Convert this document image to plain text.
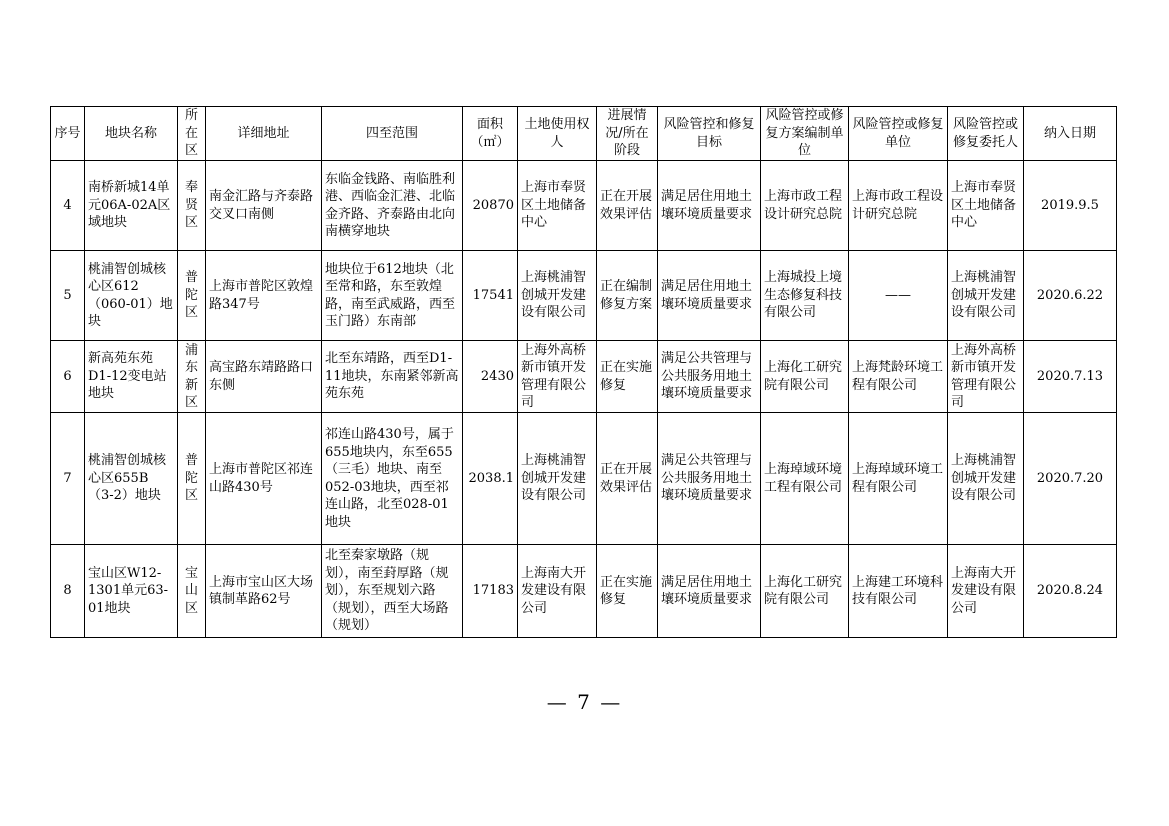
序号	地块名称	所在区	详细地址	四至范围	面积（㎡）	土地使用权人	进展情况/所在阶段	风险管控和修复目标	风险管控或修复方案编制单位	风险管控或修复单位	风险管控或修复委托人	纳入日期
4	南桥新城14单元06A-02A区域地块	奉贤区	南金汇路与齐泰路交叉口南侧	东临金钱路、南临胜利港、西临金汇港、北临金齐路、齐泰路由北向南横穿地块	20870	上海市奉贤区土地储备中心	正在开展效果评估	满足居住用地土壤环境质量要求	上海市政工程设计研究总院	上海市政工程设计研究总院	上海市奉贤区土地储备中心	2019.9.5
5	桃浦智创城核心区612（060-01）地块	普陀区	上海市普陀区敦煌路347号	地块位于612地块（北至常和路，东至敦煌路，南至武威路，西至玉门路）东南部	17541	上海桃浦智创城开发建设有限公司	正在编制修复方案	满足居住用地土壤环境质量要求	上海城投上境生态修复科技有限公司	——	上海桃浦智创城开发建设有限公司	2020.6.22
6	新高苑东苑D1-12变电站地块	浦东新区	高宝路东靖路路口东侧	北至东靖路，西至D1-11地块，东南紧邻新高苑东苑	2430	上海外高桥新市镇开发管理有限公司	正在实施修复	满足公共管理与公共服务用地土壤环境质量要求	上海化工研究院有限公司	上海梵龄环境工程有限公司	上海外高桥新市镇开发管理有限公司	2020.7.13
7	桃浦智创城核心区655B（3-2）地块	普陀区	上海市普陀区祁连山路430号	祁连山路430号，属于655地块内，东至655（三毛）地块、南至052-03地块，西至祁连山路，北至028-01地块	2038.1	上海桃浦智创城开发建设有限公司	正在开展效果评估	满足公共管理与公共服务用地土壤环境质量要求	上海琸域环境工程有限公司	上海琸域环境工程有限公司	上海桃浦智创城开发建设有限公司	2020.7.20
8	宝山区W12-1301单元63-01地块	宝山区	上海市宝山区大场镇制革路62号	北至秦家墩路（规划），南至葑厚路（规划），东至规划六路（规划），西至大场路（规划）	17183	上海南大开发建设有限公司	正在实施修复	满足居住用地土壤环境质量要求	上海化工研究院有限公司	上海建工环境科技有限公司	上海南大开发建设有限公司	2020.8.24
— 7 —
